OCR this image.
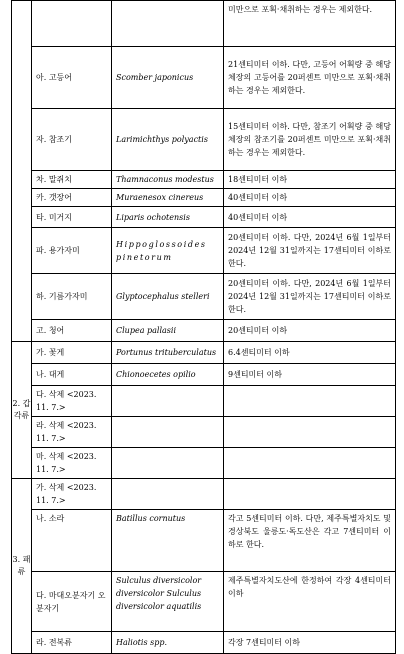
			미만으로 포획·채취하는 경우는 제외한다.
	아. 고등어	Scomber japonicus	21센티미터 이하. 다만, 고등어 어획량 중 해당 체장의 고등어를 20퍼센트 미만으로 포획·채취하는 경우는 제외한다.
	자. 참조기	Larimichthys polyactis	15센티미터 이하. 다만, 참조기 어획량 중 해당 체장의 참조기를 20퍼센트 미만으로 포획·채취하는 경우는 제외한다.
	차. 말쥐치	Thamnaconus modestus	18센티미터 이하
	카. 갯장어	Muraenesox cinereus	40센티미터 이하
	타. 미거지	Liparis ochotensis	40센티미터 이하
	파. 용가자미	Hippoglossoides pinetorum	20센티미터 이하. 다만, 2024년 6월 1일부터 2024년 12월 31일까지는 17센티미터 이하로 한다.
	하. 기름가자미	Glyptocephalus stelleri	20센티미터 이하. 다만, 2024년 6월 1일부터 2024년 12월 31일까지는 17센티미터 이하로 한다.
	고. 청어	Clupea pallasii	20센티미터 이하
2. 갑각류	가. 꽃게	Portunus trituberculatus	6.4센티미터 이하
	나. 대게	Chionoecetes opilio	9센티미터 이하
	다. 삭제 <2023. 11. 7.>		
	라. 삭제 <2023. 11. 7.>		
	마. 삭제 <2023. 11. 7.>		
3. 패류	가. 삭제 <2023. 11. 7.>		
	나. 소라	Batillus cornutus	각고 5센티미터 이하. 다만, 제주특별자치도 및 경상북도 울릉도·독도산은 각고 7센티미터 이하로 한다.
	다. 마대오분자기 오분자기	Sulculus diversicolor diversicolor Sulculus diversicolor aquatilis	제주특별자치도산에 한정하여 각장 4센티미터 이하
	라. 전복류	Haliotis spp.	각장 7센티미터 이하
